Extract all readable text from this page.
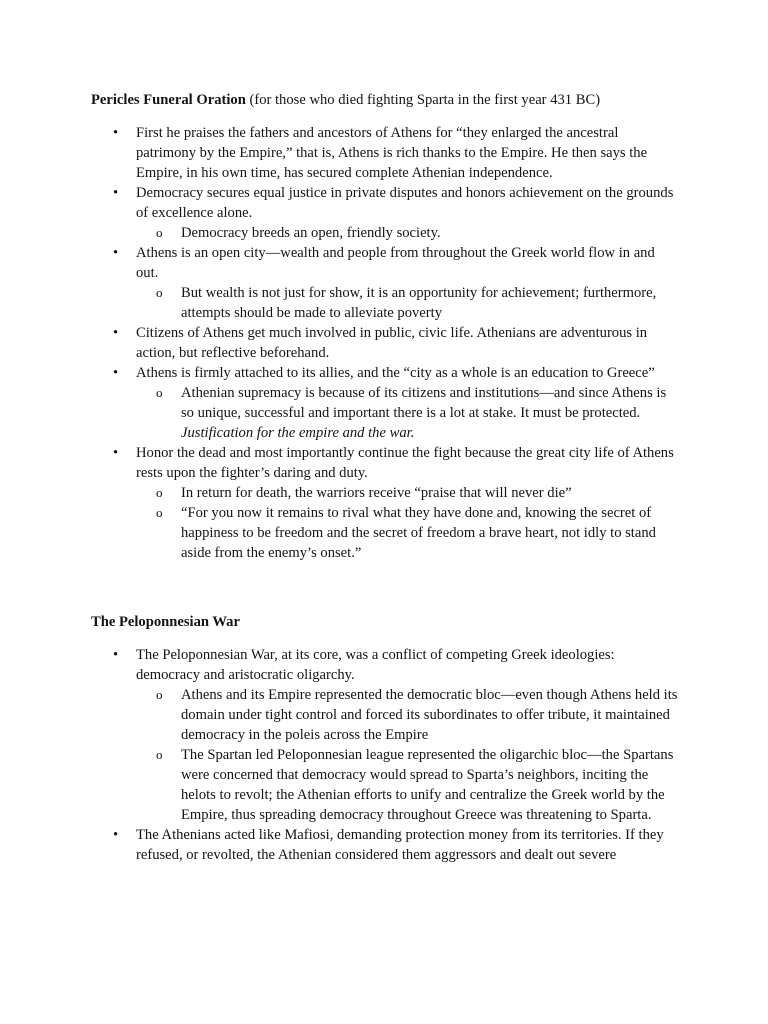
Pericles Funeral Oration (for those who died fighting Sparta in the first year 431 BC)
• First he praises the fathers and ancestors of Athens for “they enlarged the ancestral patrimony by the Empire,” that is, Athens is rich thanks to the Empire. He then says the Empire, in his own time, has secured complete Athenian independence.
• Democracy secures equal justice in private disputes and honors achievement on the grounds of excellence alone.
o Democracy breeds an open, friendly society.
• Athens is an open city—wealth and people from throughout the Greek world flow in and out.
o But wealth is not just for show, it is an opportunity for achievement; furthermore, attempts should be made to alleviate poverty
• Citizens of Athens get much involved in public, civic life. Athenians are adventurous in action, but reflective beforehand.
• Athens is firmly attached to its allies, and the “city as a whole is an education to Greece”
o Athenian supremacy is because of its citizens and institutions—and since Athens is so unique, successful and important there is a lot at stake. It must be protected. Justification for the empire and the war.
• Honor the dead and most importantly continue the fight because the great city life of Athens rests upon the fighter’s daring and duty.
o In return for death, the warriors receive “praise that will never die”
o “For you now it remains to rival what they have done and, knowing the secret of happiness to be freedom and the secret of freedom a brave heart, not idly to stand aside from the enemy’s onset.”
The Peloponnesian War
• The Peloponnesian War, at its core, was a conflict of competing Greek ideologies: democracy and aristocratic oligarchy.
o Athens and its Empire represented the democratic bloc—even though Athens held its domain under tight control and forced its subordinates to offer tribute, it maintained democracy in the poleis across the Empire
o The Spartan led Peloponnesian league represented the oligarchic bloc—the Spartans were concerned that democracy would spread to Sparta’s neighbors, inciting the helots to revolt; the Athenian efforts to unify and centralize the Greek world by the Empire, thus spreading democracy throughout Greece was threatening to Sparta.
• The Athenians acted like Mafiosi, demanding protection money from its territories. If they refused, or revolted, the Athenian considered them aggressors and dealt out severe
